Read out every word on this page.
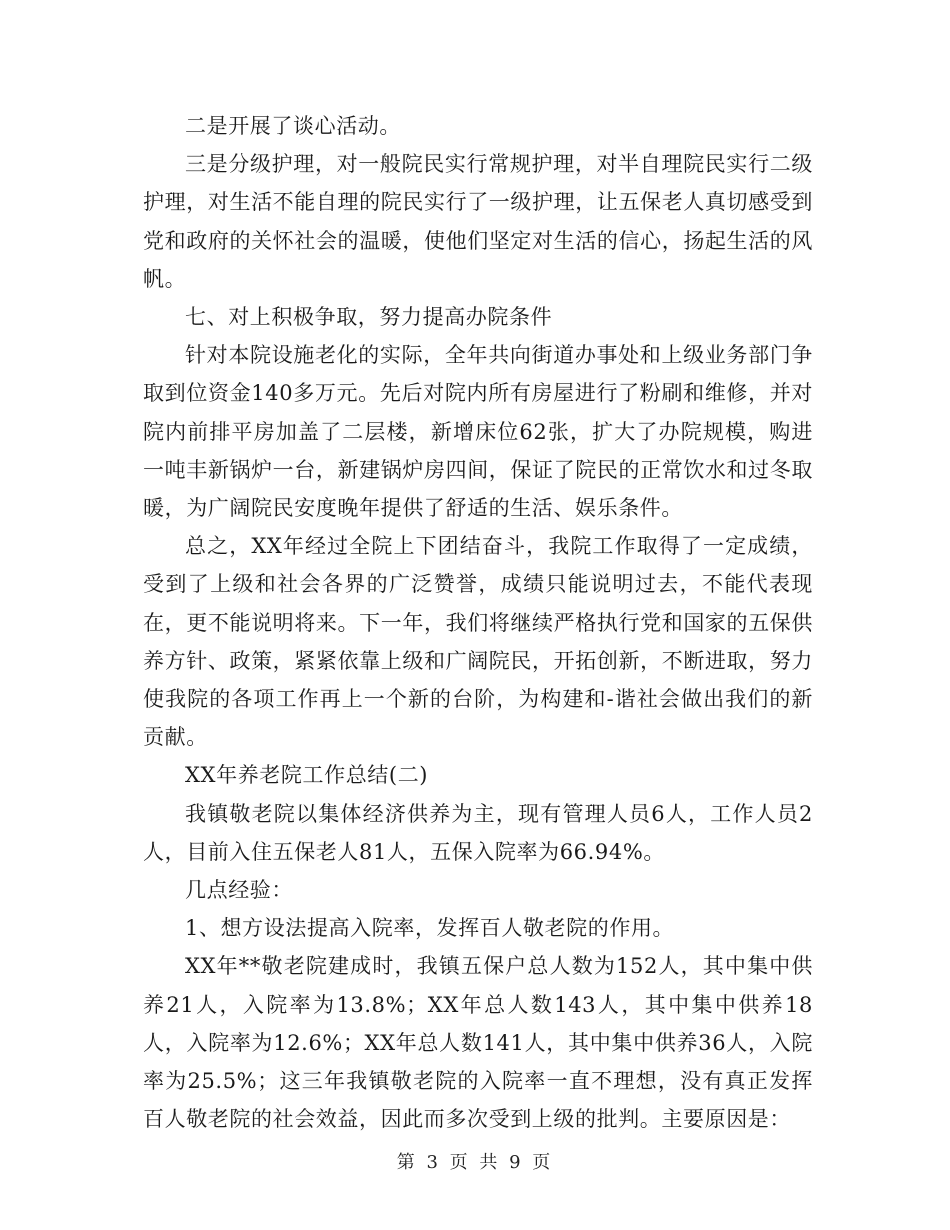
二是开展了谈心活动。

三是分级护理，对一般院民实行常规护理，对半自理院民实行二级护理，对生活不能自理的院民实行了一级护理，让五保老人真切感受到党和政府的关怀社会的温暖，使他们坚定对生活的信心，扬起生活的风帆。

七、对上积极争取，努力提高办院条件

针对本院设施老化的实际，全年共向街道办事处和上级业务部门争取到位资金140多万元。先后对院内所有房屋进行了粉刷和维修，并对院内前排平房加盖了二层楼，新增床位62张，扩大了办院规模，购进一吨丰新锅炉一台，新建锅炉房四间，保证了院民的正常饮水和过冬取暖，为广阔院民安度晚年提供了舒适的生活、娱乐条件。

总之，XX年经过全院上下团结奋斗，我院工作取得了一定成绩，受到了上级和社会各界的广泛赞誉，成绩只能说明过去，不能代表现在，更不能说明将来。下一年，我们将继续严格执行党和国家的五保供养方针、政策，紧紧依靠上级和广阔院民，开拓创新，不断进取，努力使我院的各项工作再上一个新的台阶，为构建和-谐社会做出我们的新贡献。

XX年养老院工作总结(二)

我镇敬老院以集体经济供养为主，现有管理人员6人，工作人员2人，目前入住五保老人81人，五保入院率为66.94%。

几点经验：

1、想方设法提高入院率，发挥百人敬老院的作用。

XX年**敬老院建成时，我镇五保户总人数为152人，其中集中供养21人，入院率为13.8%；XX年总人数143人，其中集中供养18人，入院率为12.6%；XX年总人数141人，其中集中供养36人，入院率为25.5%；这三年我镇敬老院的入院率一直不理想，没有真正发挥百人敬老院的社会效益，因此而多次受到上级的批判。主要原因是：

第 3 页 共 9 页
